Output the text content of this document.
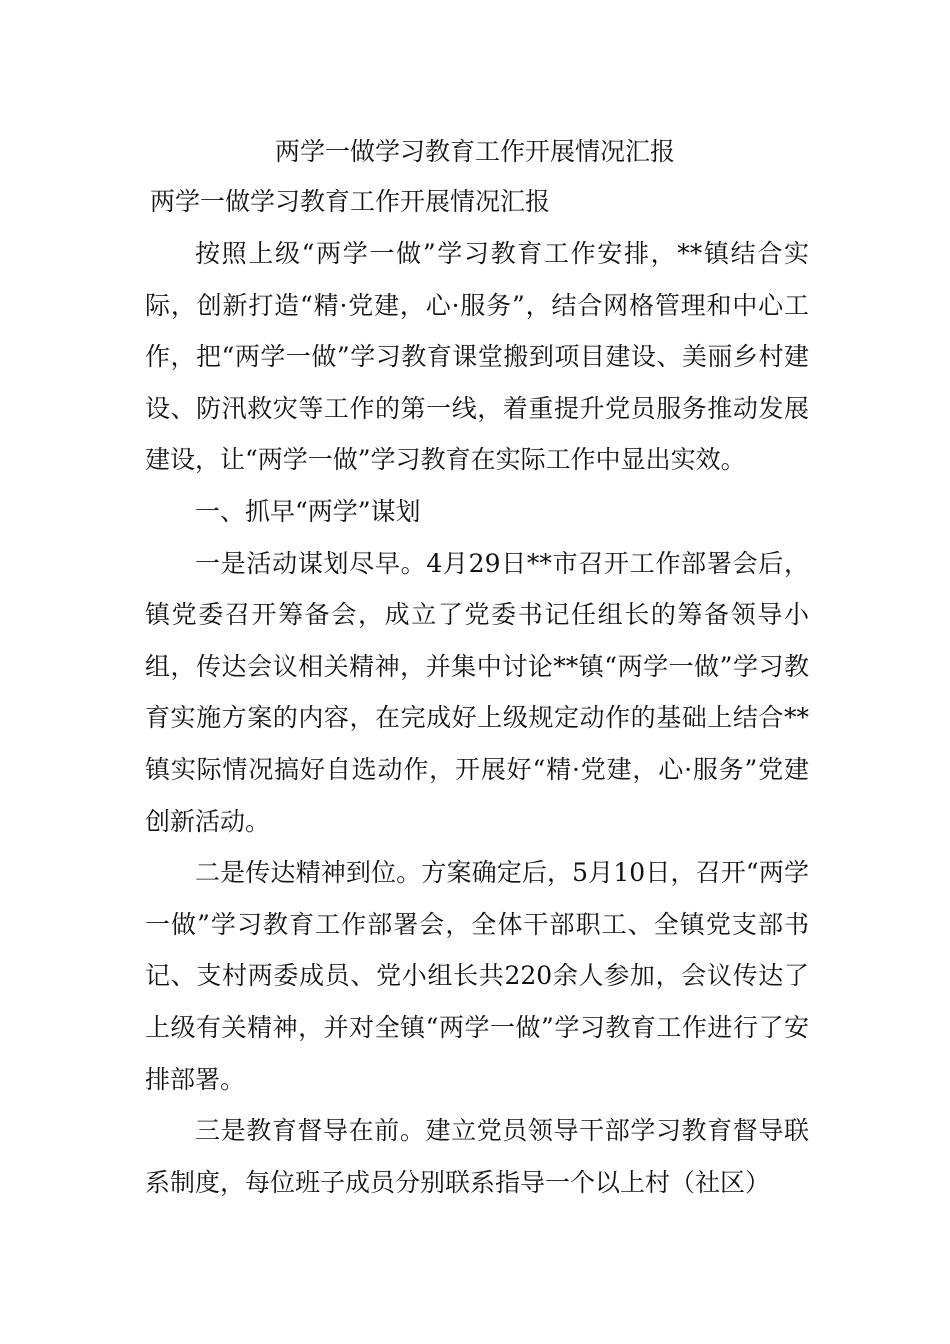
两学一做学习教育工作开展情况汇报
两学一做学习教育工作开展情况汇报

按照上级“两学一做”学习教育工作安排，**镇结合实际，创新打造“精·党建，心·服务”，结合网格管理和中心工作，把“两学一做”学习教育课堂搬到项目建设、美丽乡村建设、防汛救灾等工作的第一线，着重提升党员服务推动发展建设，让“两学一做”学习教育在实际工作中显出实效。

一、抓早“两学”谋划

一是活动谋划尽早。4月29日**市召开工作部署会后，镇党委召开筹备会，成立了党委书记任组长的筹备领导小组，传达会议相关精神，并集中讨论**镇“两学一做”学习教育实施方案的内容，在完成好上级规定动作的基础上结合**镇实际情况搞好自选动作，开展好“精·党建，心·服务”党建创新活动。

二是传达精神到位。方案确定后，5月10日，召开“两学一做”学习教育工作部署会，全体干部职工、全镇党支部书记、支村两委成员、党小组长共220余人参加，会议传达了上级有关精神，并对全镇“两学一做”学习教育工作进行了安排部署。

三是教育督导在前。建立党员领导干部学习教育督导联系制度，每位班子成员分别联系指导一个以上村（社区）
